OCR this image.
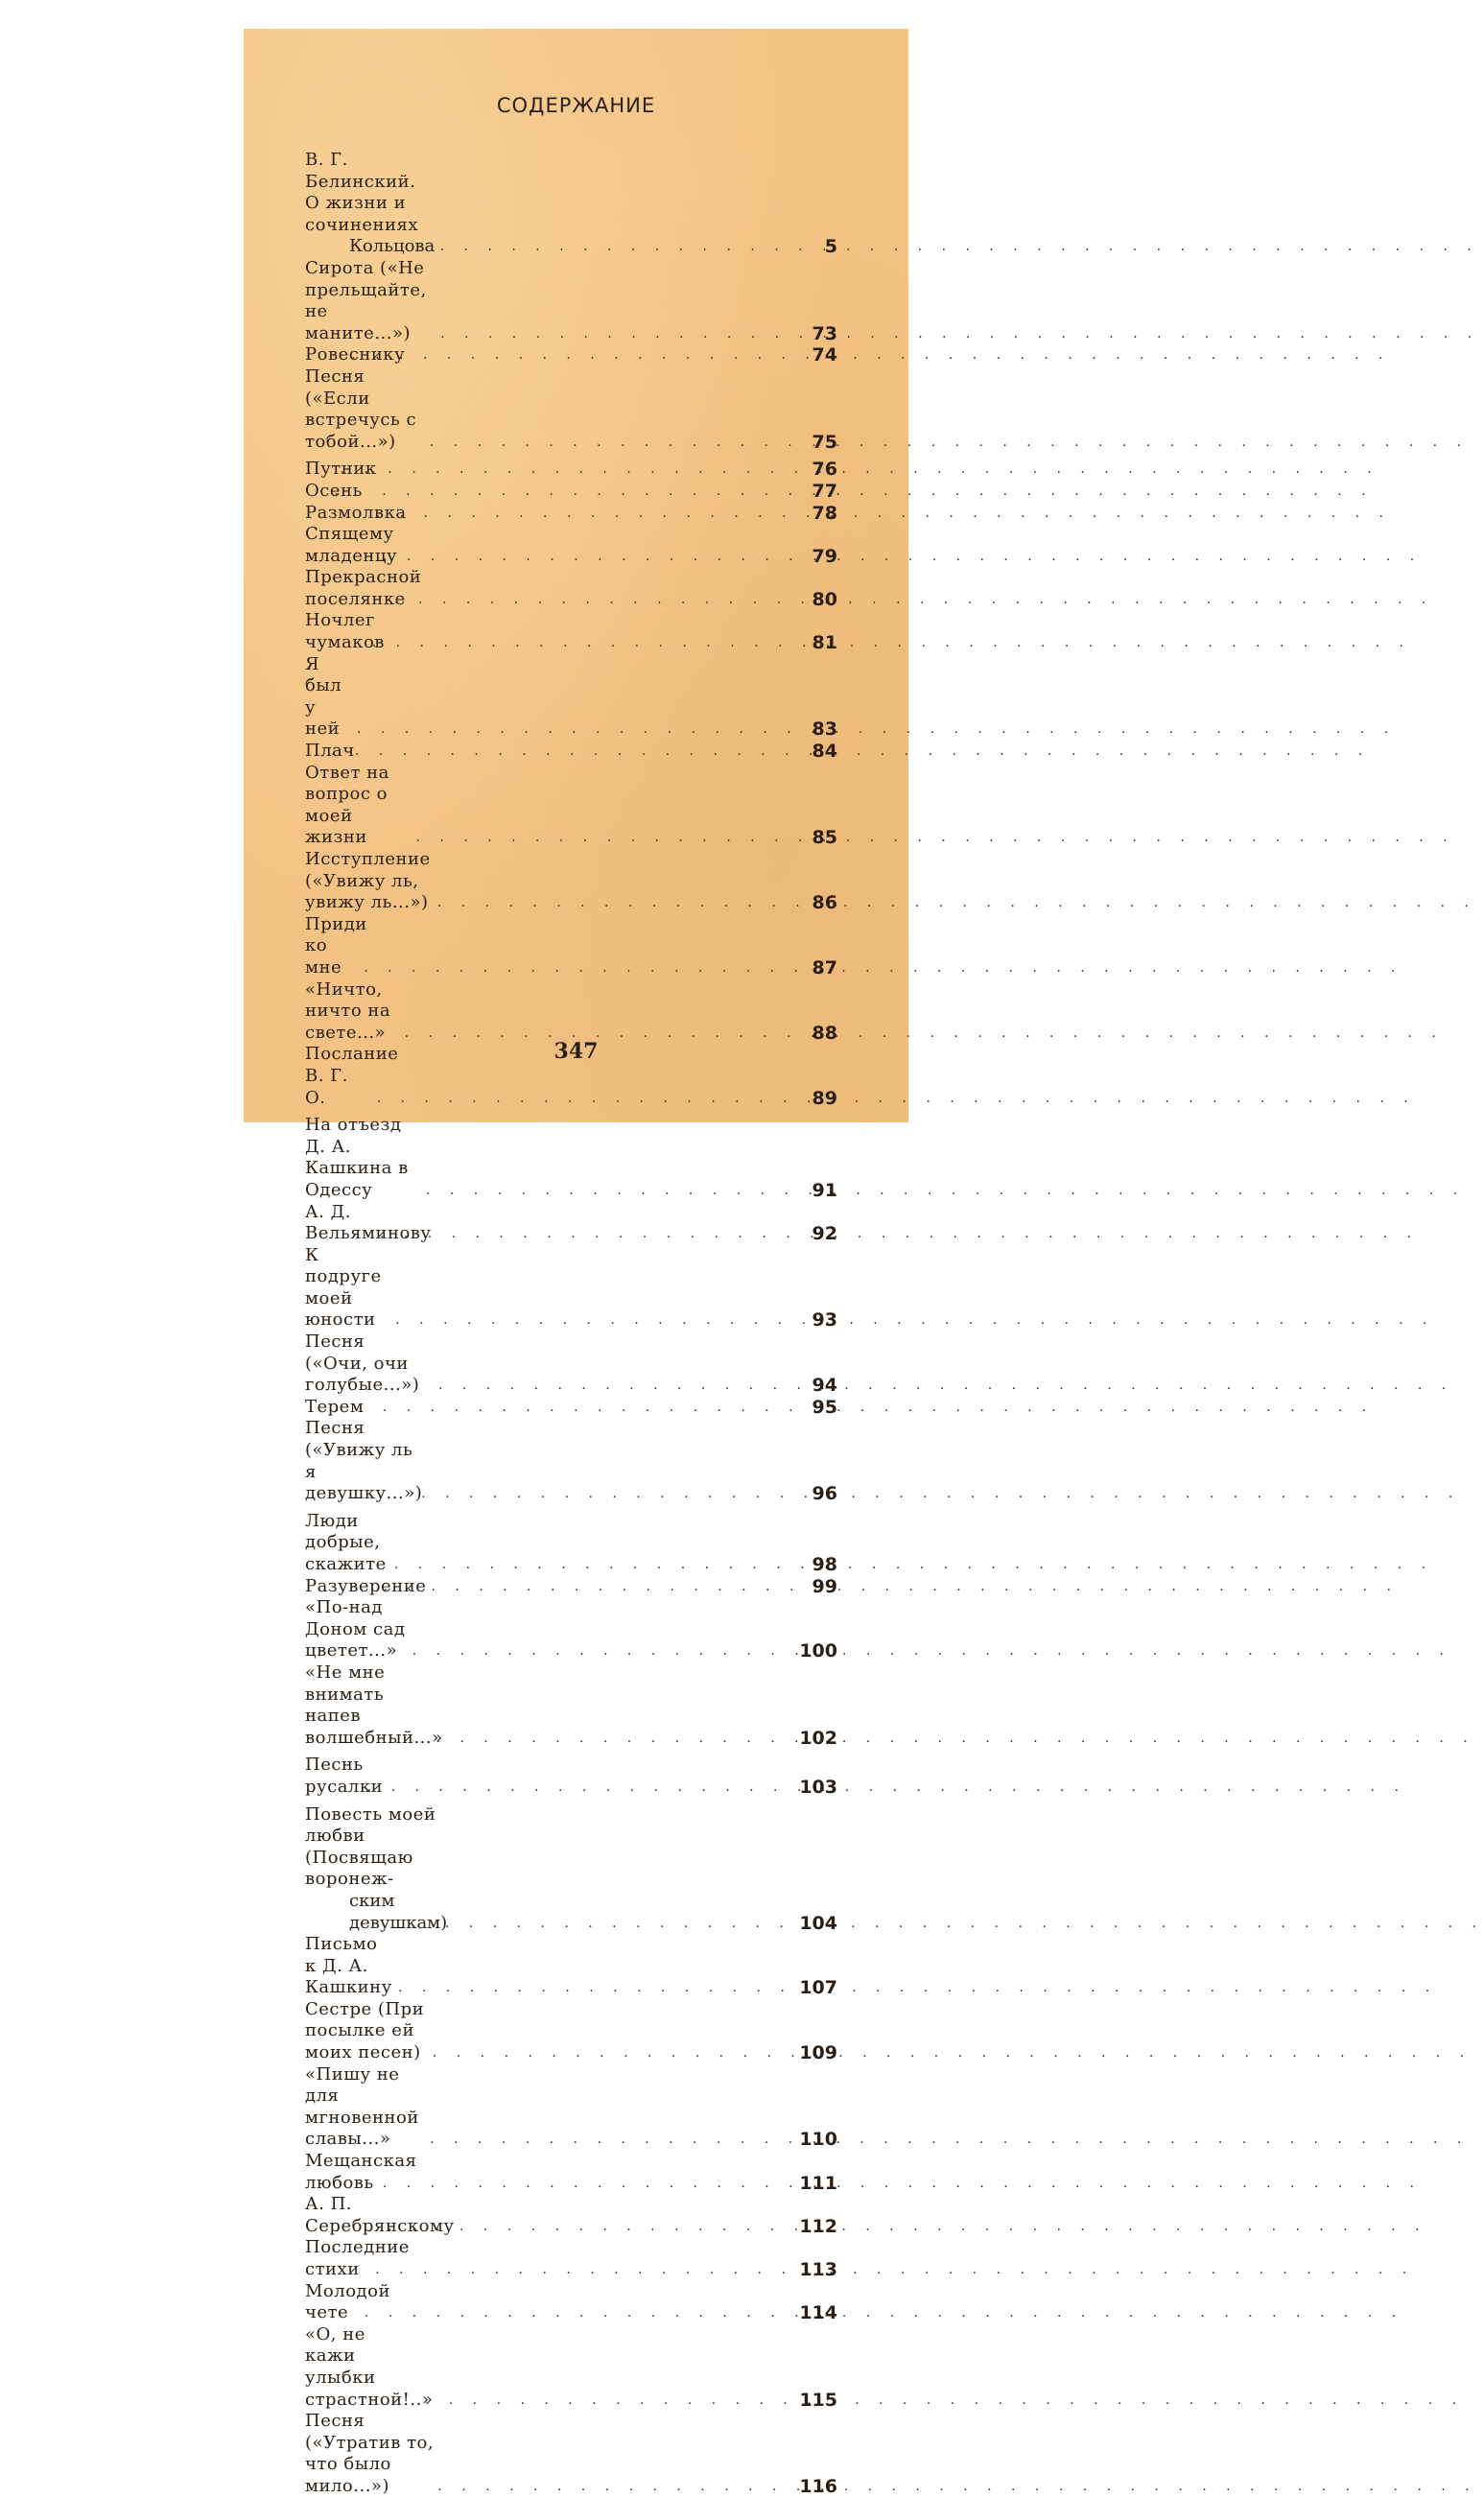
СОДЕРЖАНИЕ
В. Г. Белинский. О жизни и сочинениях
Кольцова . . .	5
Сирота («Не прельщайте, не маните...») . . .	73
Ровеснику . . .	74
Песня («Если встречусь с тобой...») . . .	75
Путник . . .	76
Осень . . .	77
Размолвка . . .	78
Спящему младенцу . . .	79
Прекрасной поселянке . . .	80
Ночлег чумаков . . .	81
Я был у ней . . .	83
Плач . . .	84
Ответ на вопрос о моей жизни . . .	85
Исступление («Увижу ль, увижу ль...») . . .	86
Приди ко мне . . .	87
«Ничто, ничто на свете...» . . .	88
Послание В. Г. О. . . .	89
На отъезд Д. А. Кашкина в Одессу . . .	91
А. Д. Вельяминову . . .	92
К подруге моей юности . . .	93
Песня («Очи, очи голубые...») . . .	94
Терем . . .	95
Песня («Увижу ль я девушку...») . . .	96
Люди добрые, скажите . . .	98
Разуверение . . .	99
«По-над Доном сад цветет...» . . .	100
«Не мне внимать напев волшебный...» . . .	102
Песнь русалки . . .	103
Повесть моей любви (Посвящаю воронеж-
ским девушкам) . . .	104
Письмо к Д. А. Кашкину . . .	107
Сестре (При посылке ей моих песен) . . .	109
«Пишу не для мгновенной славы...» . . .	110
Мещанская любовь . . .	111
А. П. Серебрянскому . . .	112
Последние стихи . . .	113
Молодой чете . . .	114
«О, не кажи улыбки страстной!..» . . .	115
Песня («Утратив то, что было мило...») . . .	116
347
